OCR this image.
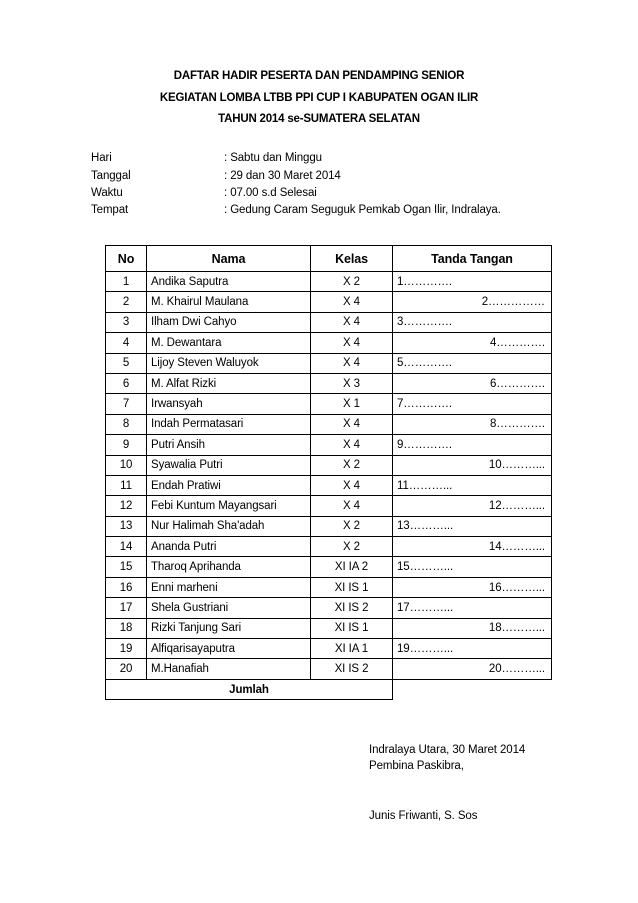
DAFTAR HADIR PESERTA DAN PENDAMPING SENIOR
KEGIATAN LOMBA LTBB PPI CUP I KABUPATEN OGAN ILIR
TAHUN 2014 se-SUMATERA SELATAN
Hari	: Sabtu dan Minggu
Tanggal	: 29 dan 30 Maret 2014
Waktu	: 07.00 s.d Selesai
Tempat	: Gedung Caram Seguguk Pemkab Ogan Ilir, Indralaya.
No	Nama	Kelas	Tanda Tangan
1	Andika Saputra	X 2	1………….
2	M. Khairul Maulana	X 4	2……………
3	Ilham Dwi Cahyo	X 4	3………….
4	M. Dewantara	X 4	4………….
5	Lijoy Steven Waluyok	X 4	5………….
6	M. Alfat Rizki	X 3	6………….
7	Irwansyah	X 1	7………….
8	Indah Permatasari	X 4	8………….
9	Putri Ansih	X 4	9………….
10	Syawalia Putri	X 2	10………...
11	Endah Pratiwi	X 4	11………...
12	Febi Kuntum Mayangsari	X 4	12………...
13	Nur Halimah Sha'adah	X 2	13………...
14	Ananda Putri	X 2	14………...
15	Tharoq Aprihanda	XI IA 2	15………...
16	Enni marheni	XI IS 1	16………...
17	Shela Gustriani	XI IS 2	17………...
18	Rizki Tanjung Sari	XI IS 1	18………...
19	Alfiqarisayaputra	XI IA 1	19………...
20	M.Hanafiah	XI IS 2	20………...
Jumlah			
Indralaya Utara, 30 Maret 2014
Pembina Paskibra,
Junis Friwanti, S. Sos
